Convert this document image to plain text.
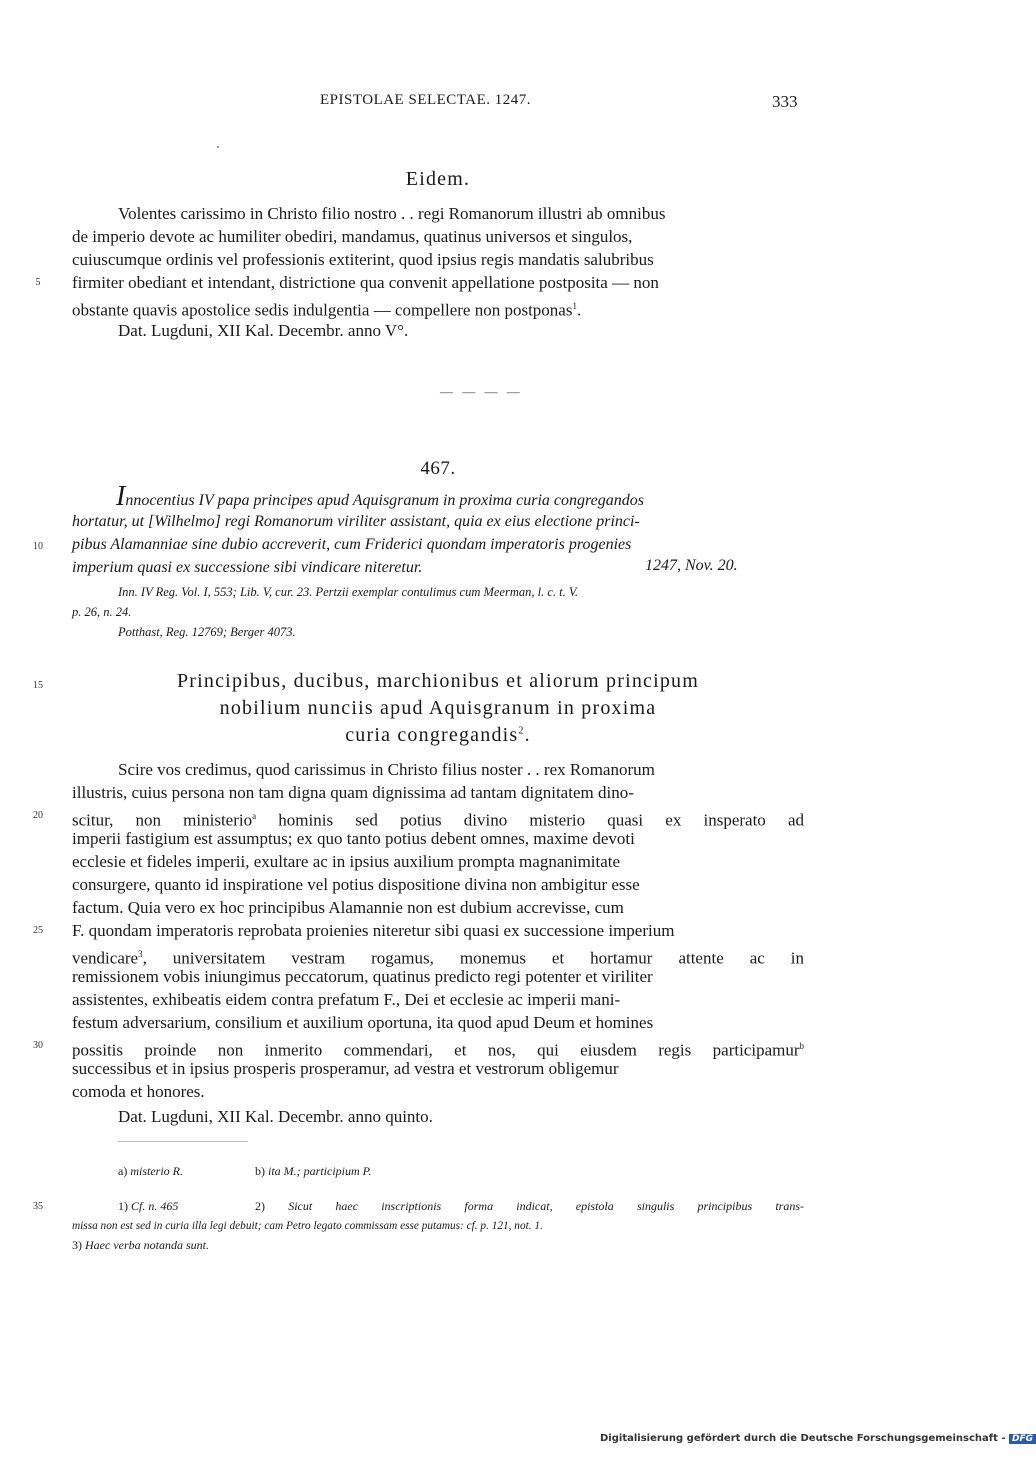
EPISTOLAE SELECTAE. 1247.	333
Eidem.
Volentes carissimo in Christo filio nostro . . regi Romanorum illustri ab omnibus
de imperio devote ac humiliter obediri, mandamus, quatinus universos et singulos,
cuiuscumque ordinis vel professionis extiterint, quod ipsius regis mandatis salubribus
firmiter obediant et intendant, districtione qua convenit appellatione postposita — non
obstante quavis apostolice sedis indulgentia — compellere non postponas$^1$.
Dat. Lugduni, XII Kal. Decembr. anno V°.
5
— — — —
467.
Innocentius IV papa principes apud Aquisgranum in proxima curia congregandos
hortatur, ut [Wilhelmo] regi Romanorum viriliter assistant, quia ex eius electione princi-
pibus Alamanniae sine dubio accreverit, cum Friderici quondam imperatoris progenies
imperium quasi ex successione sibi vindicare niteretur.	1247, Nov. 20.
10
Inn. IV Reg. Vol. I, 553; Lib. V, cur. 23. Pertzii exemplar contulimus cum Meerman, l. c. t. V.
p. 26, n. 24.
Potthast, Reg. 12769; Berger 4073.
Principibus, ducibus, marchionibus et aliorum principum
nobilium nunciis apud Aquisgranum in proxima
curia congregandis$^2$.
15
Scire vos credimus, quod carissimus in Christo filius noster . . rex Romanorum
illustris, cuius persona non tam digna quam dignissima ad tantam dignitatem dino-
scitur, non ministerio$^a$ hominis sed potius divino misterio quasi ex insperato ad
imperii fastigium est assumptus; ex quo tanto potius debent omnes, maxime devoti
ecclesie et fideles imperii, exultare ac in ipsius auxilium prompta magnanimitate
consurgere, quanto id inspiratione vel potius dispositione divina non ambigitur esse
factum. Quia vero ex hoc principibus Alamannie non est dubium accrevisse, cum
F. quondam imperatoris reprobata proienies niteretur sibi quasi ex successione imperium
vendicare$^3$, universitatem vestram rogamus, monemus et hortamur attente ac in
remissionem vobis iniungimus peccatorum, quatinus predicto regi potenter et viriliter
assistentes, exhibeatis eidem contra prefatum F., Dei et ecclesie ac imperii mani-
festum adversarium, consilium et auxilium oportuna, ita quod apud Deum et homines
possitis proinde non inmerito commendari, et nos, qui eiusdem regis participamur$^b$
successibus et in ipsius prosperis prosperamur, ad vestra et vestrorum obligemur
comoda et honores.
Dat. Lugduni, XII Kal. Decembr. anno quinto.
20
25
30
a) misterio R.	b) ita M.; participium P.
1) Cf. n. 465	2) Sicut haec inscriptionis forma indicat, epistola singulis principibus trans-
missa non est sed in curia illa legi debuit; cam Petro legato commissam esse putamus: cf. p. 121, not. 1.
3) Haec verba notanda sunt.
35
Digitalisierung gefördert durch die Deutsche Forschungsgemeinschaft - DFG
